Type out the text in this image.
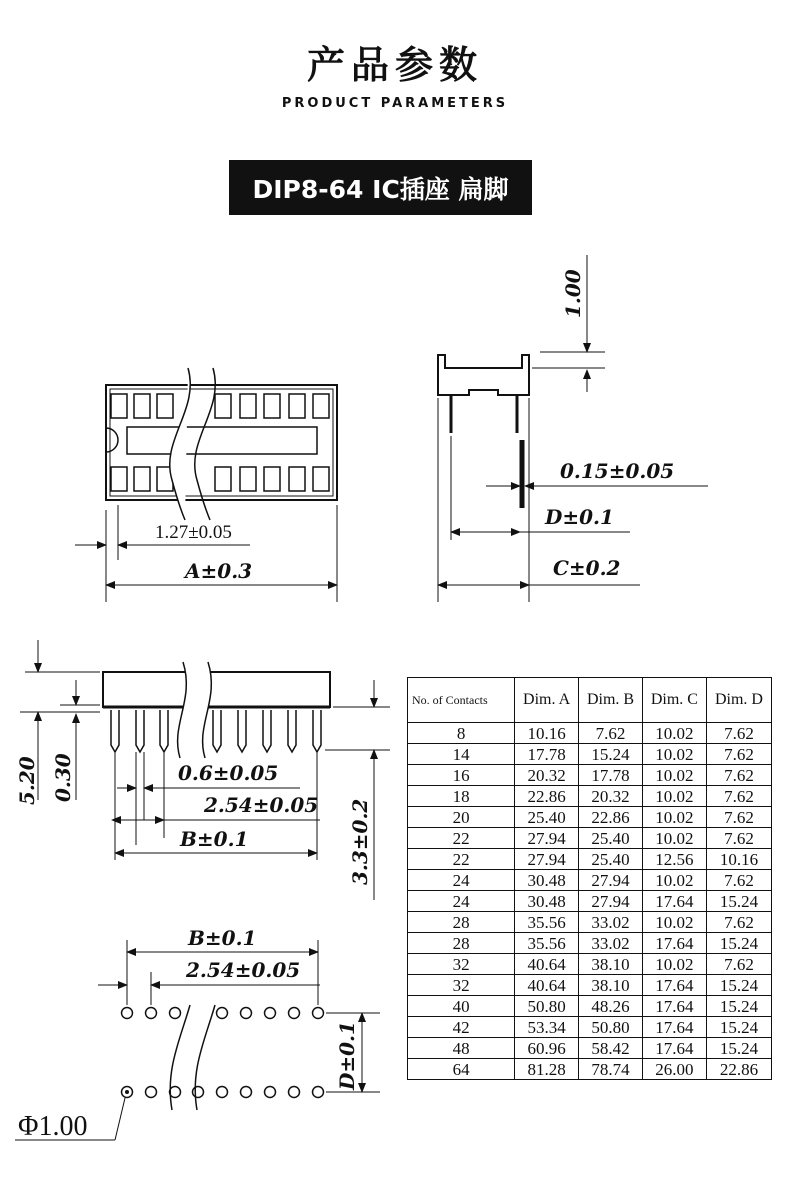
产品参数
PRODUCT PARAMETERS
DIP8-64 IC插座 扁脚
1.27±0.05
A±0.3
1.00
0.15±0.05
D±0.1
C±0.2
5.20 0.30
3.3±0.2
0.6±0.05
2.54±0.05
B±0.1
B±0.1
2.54±0.05
D±0.1
Φ1.00
No. of Contacts	Dim. A	Dim. B	Dim. C	Dim. D
8	10.16	7.62	10.02	7.62
14	17.78	15.24	10.02	7.62
16	20.32	17.78	10.02	7.62
18	22.86	20.32	10.02	7.62
20	25.40	22.86	10.02	7.62
22	27.94	25.40	10.02	7.62
22	27.94	25.40	12.56	10.16
24	30.48	27.94	10.02	7.62
24	30.48	27.94	17.64	15.24
28	35.56	33.02	10.02	7.62
28	35.56	33.02	17.64	15.24
32	40.64	38.10	10.02	7.62
32	40.64	38.10	17.64	15.24
40	50.80	48.26	17.64	15.24
42	53.34	50.80	17.64	15.24
48	60.96	58.42	17.64	15.24
64	81.28	78.74	26.00	22.86
